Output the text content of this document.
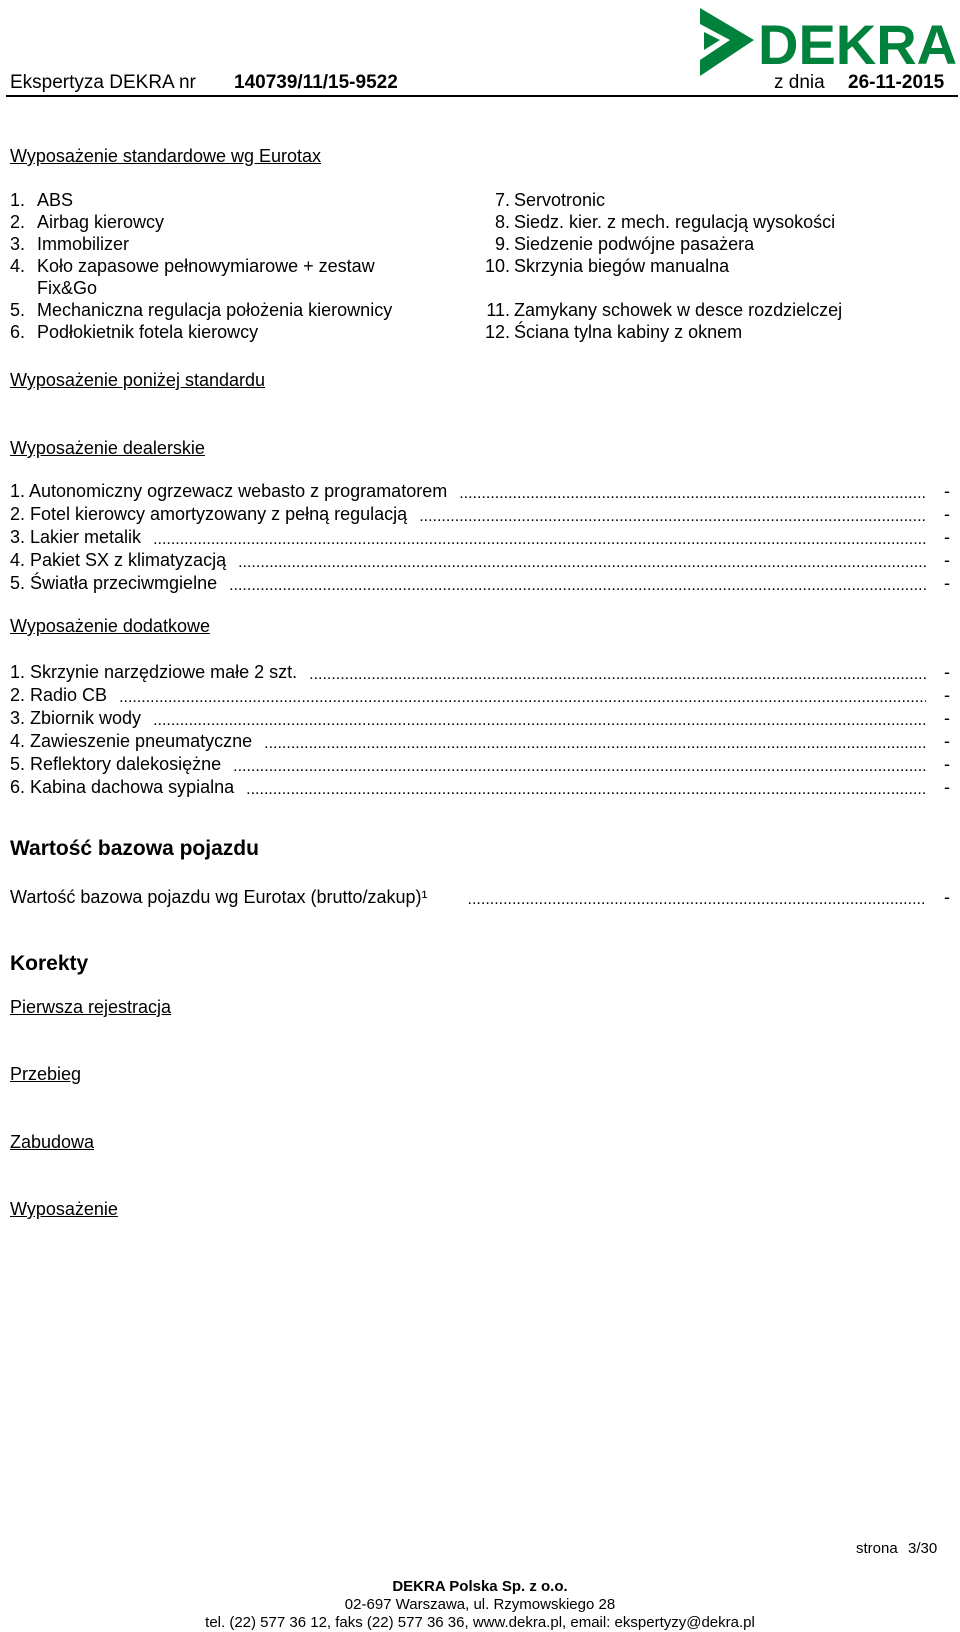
Ekspertyza DEKRA nr 140739/11/15-9522	z dnia 26-11-2015
DEKRA
Wyposażenie standardowe wg Eurotax
1. ABS
2. Airbag kierowcy
3. Immobilizer
4. Koło zapasowe pełnowymiarowe + zestaw
Fix&Go
5. Mechaniczna regulacja położenia kierownicy
6. Podłokietnik fotela kierowcy
7. Servotronic
8. Siedz. kier. z mech. regulacją wysokości
9. Siedzenie podwójne pasażera
10. Skrzynia biegów manualna
11. Zamykany schowek w desce rozdzielczej
12. Ściana tylna kabiny z oknem
Wyposażenie poniżej standardu
Wyposażenie dealerskie
1. Autonomiczny ogrzewacz webasto z programatorem .....	-
2. Fotel kierowcy amortyzowany z pełną regulacją .....	-
3. Lakier metalik .....	-
4. Pakiet SX z klimatyzacją .....	-
5. Światła przeciwmgielne .....	-
Wyposażenie dodatkowe
1. Skrzynie narzędziowe małe 2 szt. .....	-
2. Radio CB .....	-
3. Zbiornik wody .....	-
4. Zawieszenie pneumatyczne .....	-
5. Reflektory dalekosiężne .....	-
6. Kabina dachowa sypialna .....	-
Wartość bazowa pojazdu
Wartość bazowa pojazdu wg Eurotax (brutto/zakup)¹ .....	-
Korekty
Pierwsza rejestracja
Przebieg
Zabudowa
Wyposażenie
strona 3/30
DEKRA Polska Sp. z o.o.
02-697 Warszawa, ul. Rzymowskiego 28
tel. (22) 577 36 12, faks (22) 577 36 36, www.dekra.pl, email: ekspertyzy@dekra.pl
